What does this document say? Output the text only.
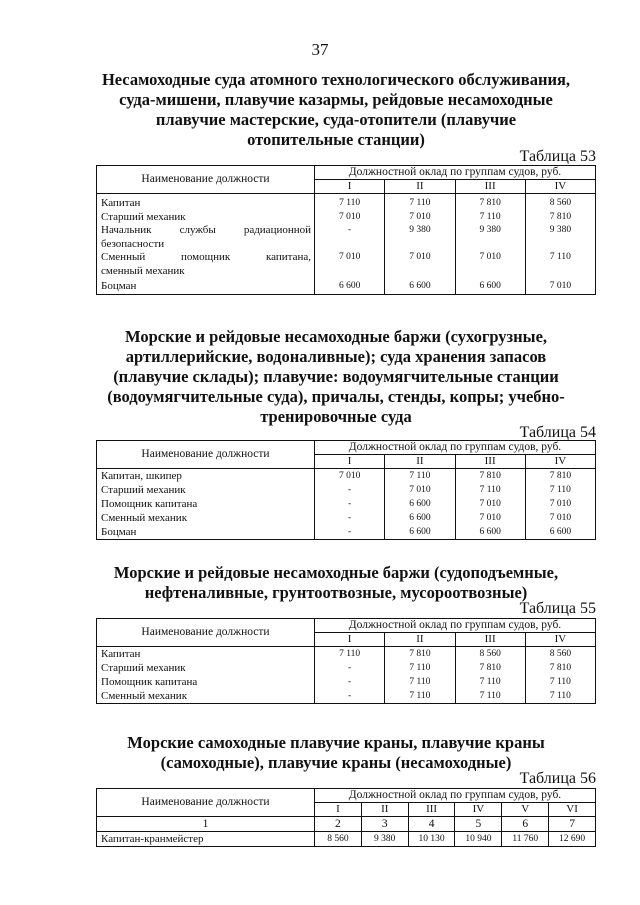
37
Несамоходные суда атомного технологического обслуживания,
суда-мишени, плавучие казармы, рейдовые несамоходные
плавучие мастерские, суда-отопители (плавучие
отопительные станции)
Таблица 53
Наименование должности	Должностной оклад по группам судов, руб.			
	I	II	III	IV

Капитан	7 110	7 110	7 810	8 560
Старший механик	7 010	7 010	7 110	7 810

Начальник службы радиационной
безопасности	-	9 380	9 380	9 380

Сменный помощник капитана,
сменный механик	7 010	7 010	7 010	7 110

Боцман	6 600	6 600	6 600	7 010
Морские и рейдовые несамоходные баржи (сухогрузные,
артиллерийские, водоналивные); суда хранения запасов
(плавучие склады); плавучие: водоумягчительные станции
(водоумягчительные суда), причалы, стенды, копры; учебно-
тренировочные суда
Таблица 54
Наименование должности	Должностной оклад по группам судов, руб.			
	I	II	III	IV
Капитан, шкипер	7 010	7 110	7 810	7 810
Старший механик	-	7 010	7 110	7 110
Помощник капитана	-	6 600	7 010	7 010
Сменный механик	-	6 600	7 010	7 010
Боцман	-	6 600	6 600	6 600
Морские и рейдовые несамоходные баржи (судоподъемные,
нефтеналивные, грунтоотвозные, мусороотвозные)
Таблица 55
Наименование должности	Должностной оклад по группам судов, руб.			
	I	II	III	IV
Капитан	7 110	7 810	8 560	8 560
Старший механик	-	7 110	7 810	7 810
Помощник капитана	-	7 110	7 110	7 110
Сменный механик	-	7 110	7 110	7 110
Морские самоходные плавучие краны, плавучие краны
(самоходные), плавучие краны (несамоходные)
Таблица 56
Наименование должности	Должностной оклад по группам судов, руб.					
	I	II	III	IV	V	VI
1	2	3	4	5	6	7
Капитан-кранмейстер	8 560	9 380	10 130	10 940	11 760	12 690
